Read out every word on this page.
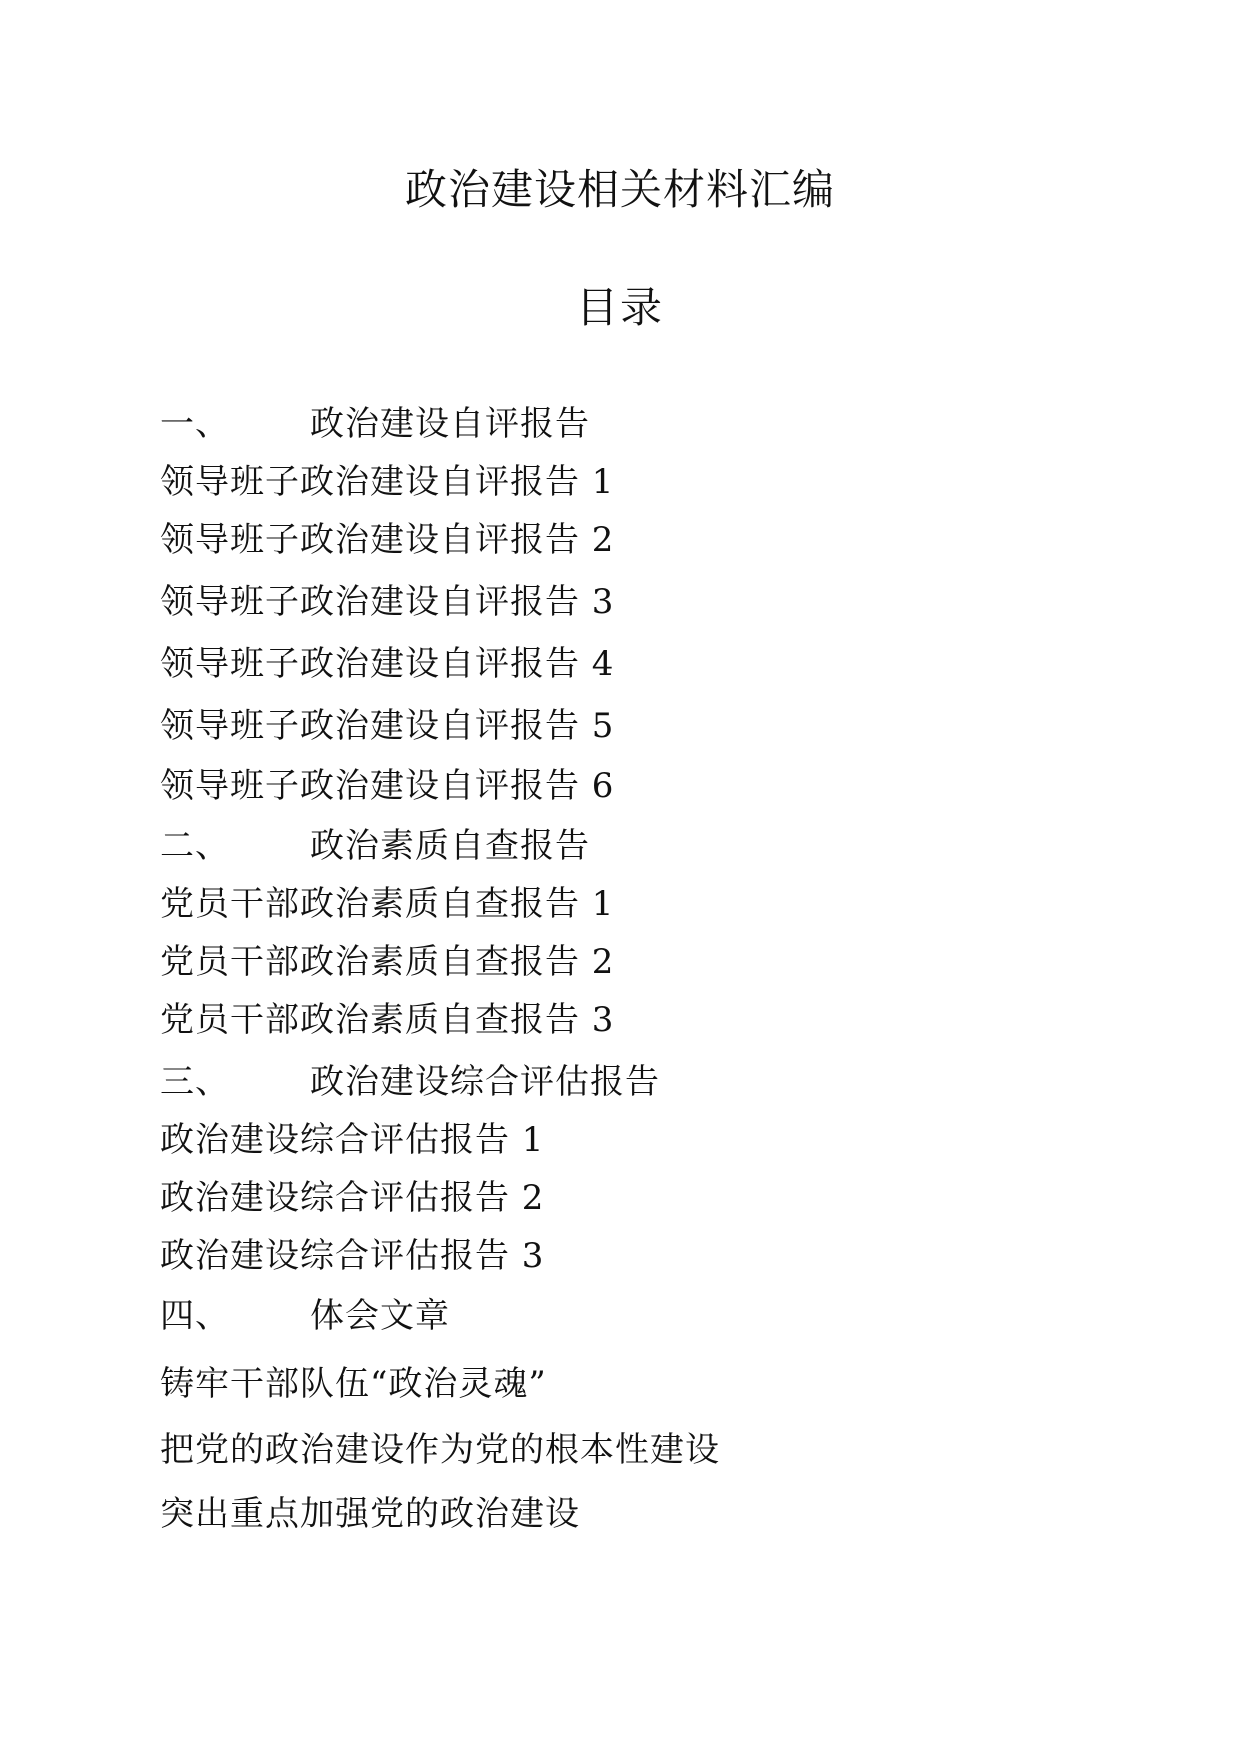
政治建设相关材料汇编
目录
一、 政治建设自评报告
领导班子政治建设自评报告 1
领导班子政治建设自评报告 2
领导班子政治建设自评报告 3
领导班子政治建设自评报告 4
领导班子政治建设自评报告 5
领导班子政治建设自评报告 6
二、 政治素质自查报告
党员干部政治素质自查报告 1
党员干部政治素质自查报告 2
党员干部政治素质自查报告 3
三、 政治建设综合评估报告
政治建设综合评估报告 1
政治建设综合评估报告 2
政治建设综合评估报告 3
四、 体会文章
铸牢干部队伍“政治灵魂”
把党的政治建设作为党的根本性建设
突出重点加强党的政治建设
